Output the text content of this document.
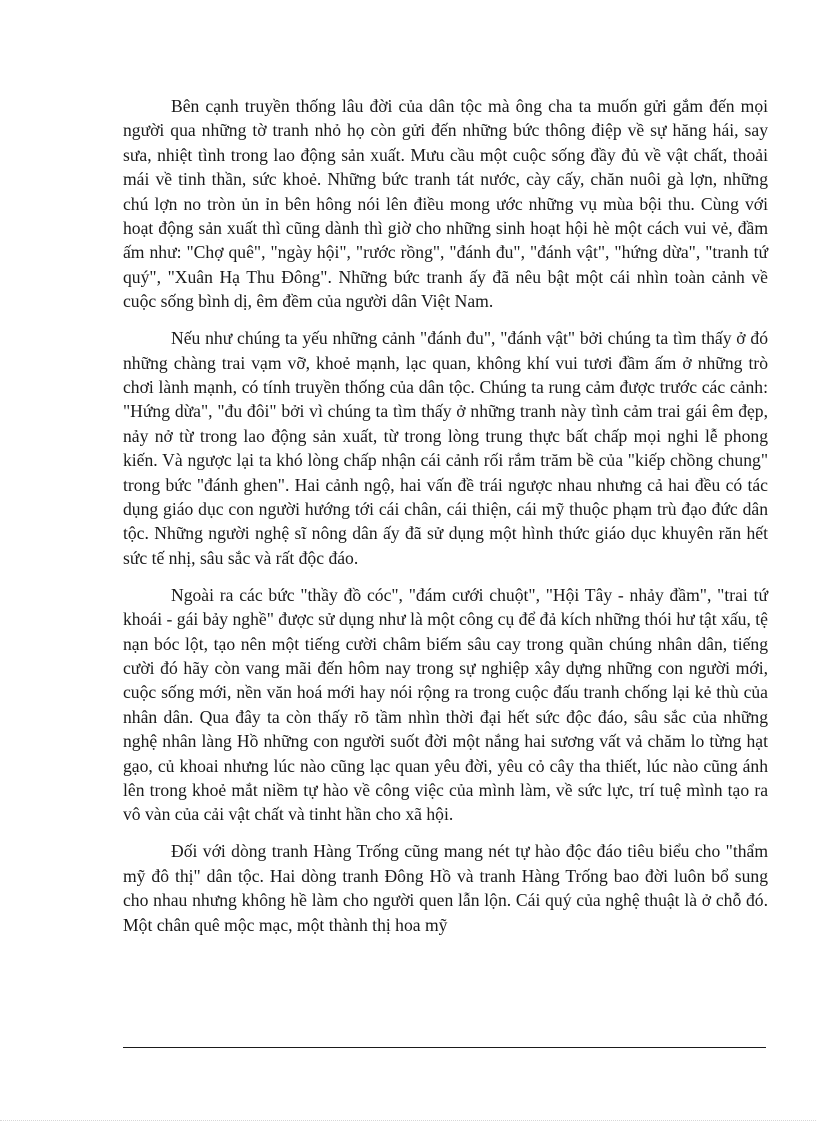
Bên cạnh truyền thống lâu đời của dân tộc mà ông cha ta muốn gửi gắm đến mọi người qua những tờ tranh nhỏ họ còn gửi đến những bức thông điệp về sự hăng hái, say sưa, nhiệt tình trong lao động sản xuất. Mưu cầu một cuộc sống đầy đủ về vật chất, thoải mái về tinh thần, sức khoẻ. Những bức tranh tát nước, cày cấy, chăn nuôi gà lợn, những chú lợn no tròn ủn ỉn bên hông nói lên điều mong ước những vụ mùa bội thu. Cùng với hoạt động sản xuất thì cũng dành thì giờ cho những sinh hoạt hội hè một cách vui vẻ, đầm ấm như: "Chợ quê", "ngày hội", "rước rồng", "đánh đu", "đánh vật", "hứng dừa", "tranh tứ quý", "Xuân Hạ Thu Đông". Những bức tranh ấy đã nêu bật một cái nhìn toàn cảnh về cuộc sống bình dị, êm đềm của người dân Việt Nam.

Nếu như chúng ta yếu những cảnh "đánh đu", "đánh vật" bởi chúng ta tìm thấy ở đó những chàng trai vạm vỡ, khoẻ mạnh, lạc quan, không khí vui tươi đầm ấm ở những trò chơi lành mạnh, có tính truyền thống của dân tộc. Chúng ta rung cảm được trước các cảnh: "Hứng dừa", "đu đôi" bởi vì chúng ta tìm thấy ở những tranh này tình cảm trai gái êm đẹp, nảy nở từ trong lao động sản xuất, từ trong lòng trung thực bất chấp mọi nghi lễ phong kiến. Và ngược lại ta khó lòng chấp nhận cái cảnh rối rắm trăm bề của "kiếp chồng chung" trong bức "đánh ghen". Hai cảnh ngộ, hai vấn đề trái ngược nhau nhưng cả hai đều có tác dụng giáo dục con người hướng tới cái chân, cái thiện, cái mỹ thuộc phạm trù đạo đức dân tộc. Những người nghệ sĩ nông dân ấy đã sử dụng một hình thức giáo dục khuyên răn hết sức tế nhị, sâu sắc và rất độc đáo.

Ngoài ra các bức "thầy đồ cóc", "đám cưới chuột", "Hội Tây - nhảy đầm", "trai tứ khoái - gái bảy nghề" được sử dụng như là một công cụ để đả kích những thói hư tật xấu, tệ nạn bóc lột, tạo nên một tiếng cười châm biếm sâu cay trong quần chúng nhân dân, tiếng cười đó hãy còn vang mãi đến hôm nay trong sự nghiệp xây dựng những con người mới, cuộc sống mới, nền văn hoá mới hay nói rộng ra trong cuộc đấu tranh chống lại kẻ thù của nhân dân. Qua đây ta còn thấy rõ tầm nhìn thời đại hết sức độc đáo, sâu sắc của những nghệ nhân làng Hồ những con người suốt đời một nắng hai sương vất vả chăm lo từng hạt gạo, củ khoai nhưng lúc nào cũng lạc quan yêu đời, yêu cỏ cây tha thiết, lúc nào cũng ánh lên trong khoẻ mắt niềm tự hào về công việc của mình làm, về sức lực, trí tuệ mình tạo ra vô vàn của cải vật chất và tinht hần cho xã hội.

Đối với dòng tranh Hàng Trống cũng mang nét tự hào độc đáo tiêu biểu cho "thẩm mỹ đô thị" dân tộc. Hai dòng tranh Đông Hồ và tranh Hàng Trống bao đời luôn bổ sung cho nhau nhưng không hề làm cho người quen lẫn lộn. Cái quý của nghệ thuật là ở chỗ đó. Một chân quê mộc mạc, một thành thị hoa mỹ
